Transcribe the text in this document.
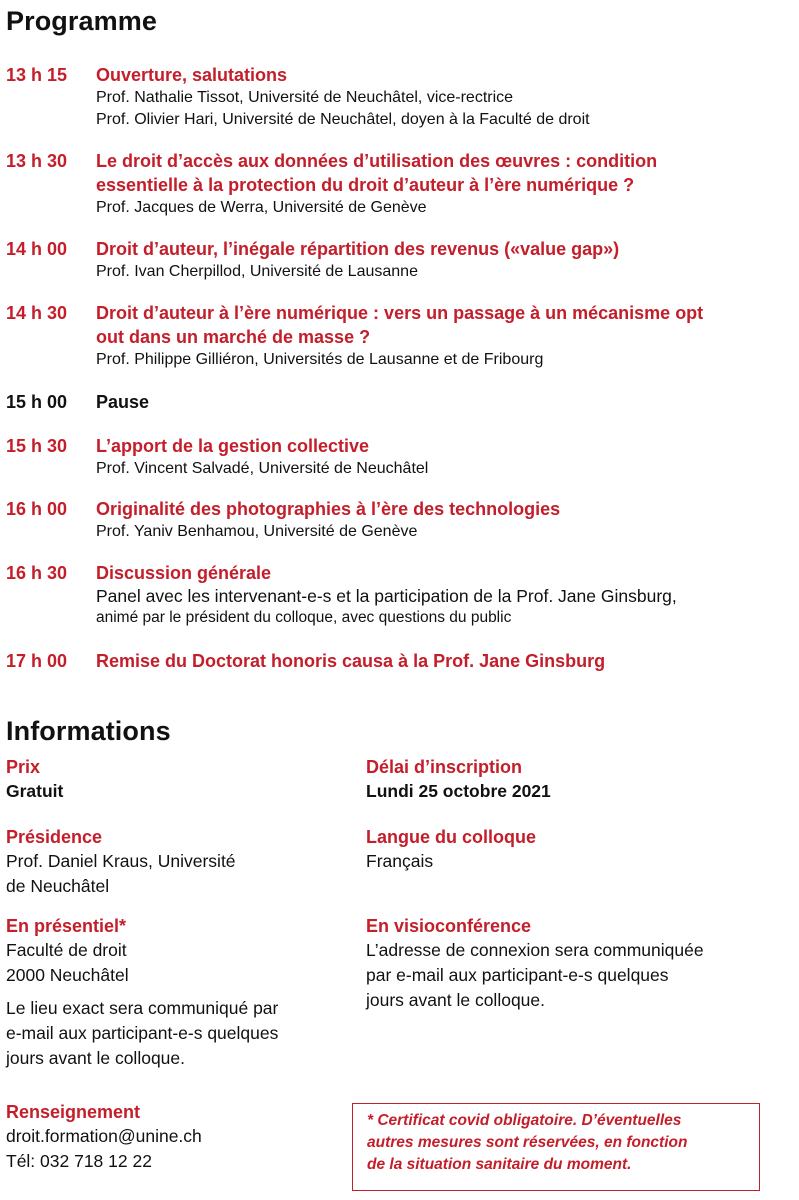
Programme
13 h 15	Ouverture, salutations
Prof. Nathalie Tissot, Université de Neuchâtel, vice-rectrice
Prof. Olivier Hari, Université de Neuchâtel, doyen à la Faculté de droit
13 h 30	Le droit d’accès aux données d’utilisation des œuvres : condition
essentielle à la protection du droit d’auteur à l’ère numérique ?
Prof. Jacques de Werra, Université de Genève
14 h 00	Droit d’auteur, l’inégale répartition des revenus («value gap»)
Prof. Ivan Cherpillod, Université de Lausanne
14 h 30	Droit d’auteur à l’ère numérique : vers un passage à un mécanisme opt
out dans un marché de masse ?
Prof. Philippe Gilliéron, Universités de Lausanne et de Fribourg
15 h 00	Pause
15 h 30	L’apport de la gestion collective
Prof. Vincent Salvadé, Université de Neuchâtel
16 h 00	Originalité des photographies à l’ère des technologies
Prof. Yaniv Benhamou, Université de Genève
16 h 30	Discussion générale
Panel avec les intervenant-e-s et la participation de la Prof. Jane Ginsburg,
animé par le président du colloque, avec questions du public
17 h 00	Remise du Doctorat honoris causa à la Prof. Jane Ginsburg
Informations
Prix
Gratuit
Délai d’inscription
Lundi 25 octobre 2021
Présidence
Prof. Daniel Kraus, Université
de Neuchâtel
Langue du colloque
Français
En présentiel*
Faculté de droit
2000 Neuchâtel
Le lieu exact sera communiqué par
e-mail aux participant-e-s quelques
jours avant le colloque.
En visioconférence
L’adresse de connexion sera communiquée
par e-mail aux participant-e-s quelques
jours avant le colloque.
Renseignement
droit.formation@unine.ch
Tél: 032 718 12 22
* Certificat covid obligatoire. D’éventuelles
autres mesures sont réservées, en fonction
de la situation sanitaire du moment.
